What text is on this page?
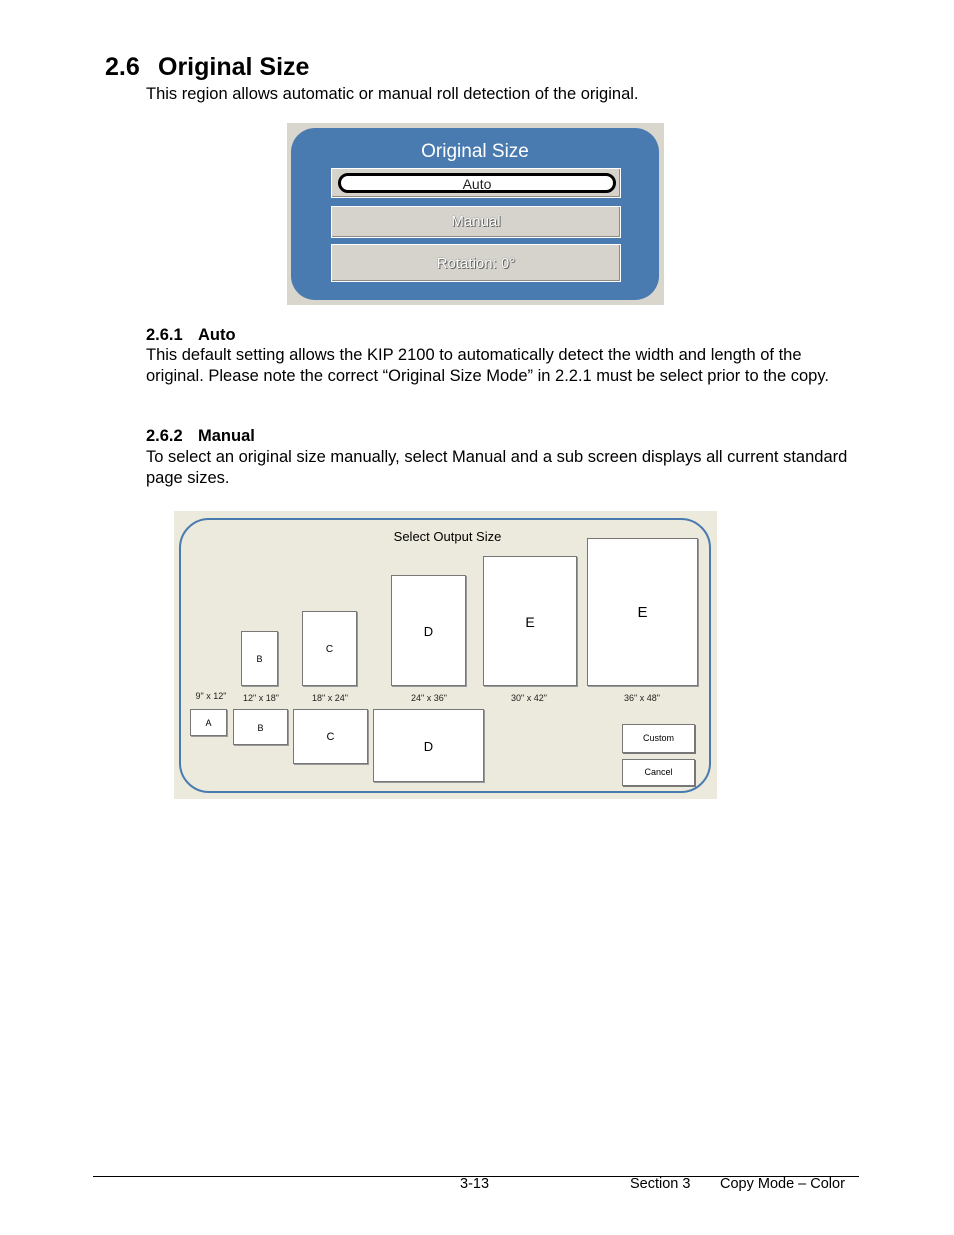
2.6 Original Size

This region allows automatic or manual roll detection of the original.

Original Size
Auto
Manual
Rotation: 0°
2.6.1 Auto

This default setting allows the KIP 2100 to automatically detect the width and length of the original. Please note the correct “Original Size Mode” in 2.2.1 must be select prior to the copy.

2.6.2 Manual

To select an original size manually, select Manual and a sub screen displays all current standard page sizes.

Select Output Size
B
C
D
E
E
9" x 12"	12" x 18"	18" x 24"	24" x 36"	30" x 42"	36" x 48"
A	B
C
D
Custom
Cancel
3-13	Section 3 Copy Mode – Color
